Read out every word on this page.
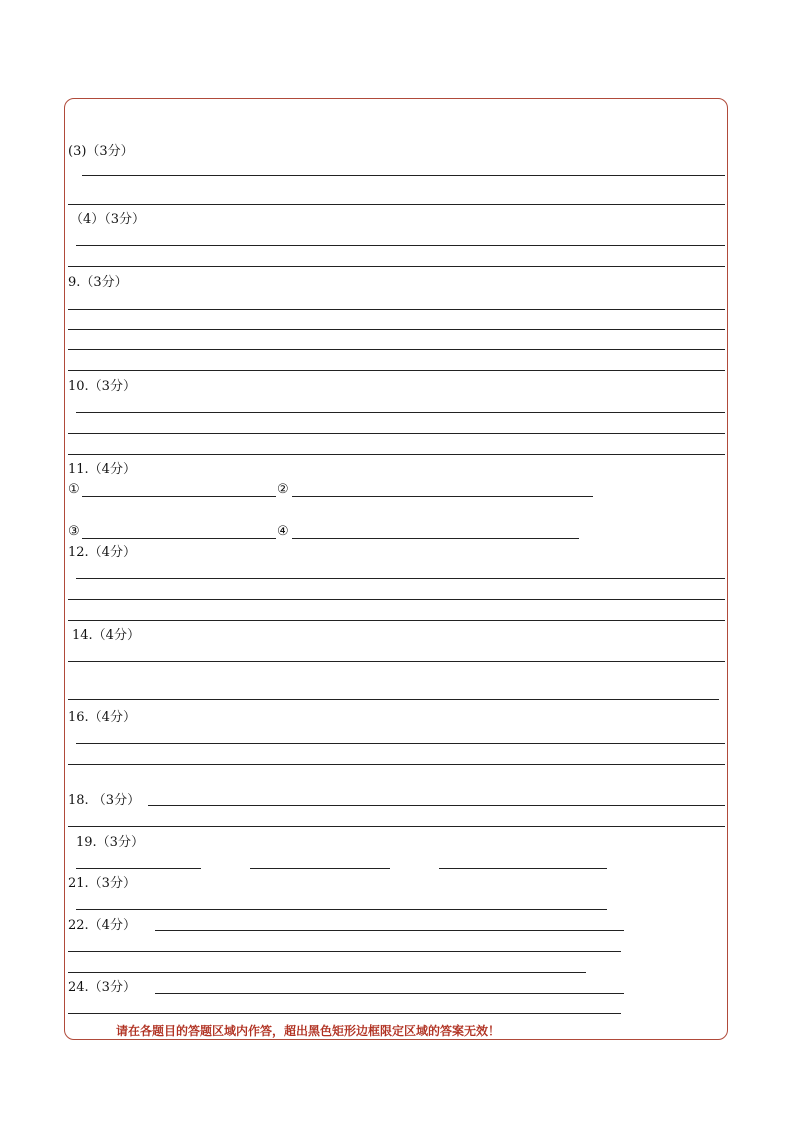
(3)（3分）
（4）（3分）
9.（3分）
10.（3分）
11.（4分）
①	②
③	④
12.（4分）
14.（4分）
16.（4分）
18. （3分）
19.（3分）
21.（3分）
22.（4分）
24.（3分）
请在各题目的答题区域内作答，超出黑色矩形边框限定区域的答案无效！
